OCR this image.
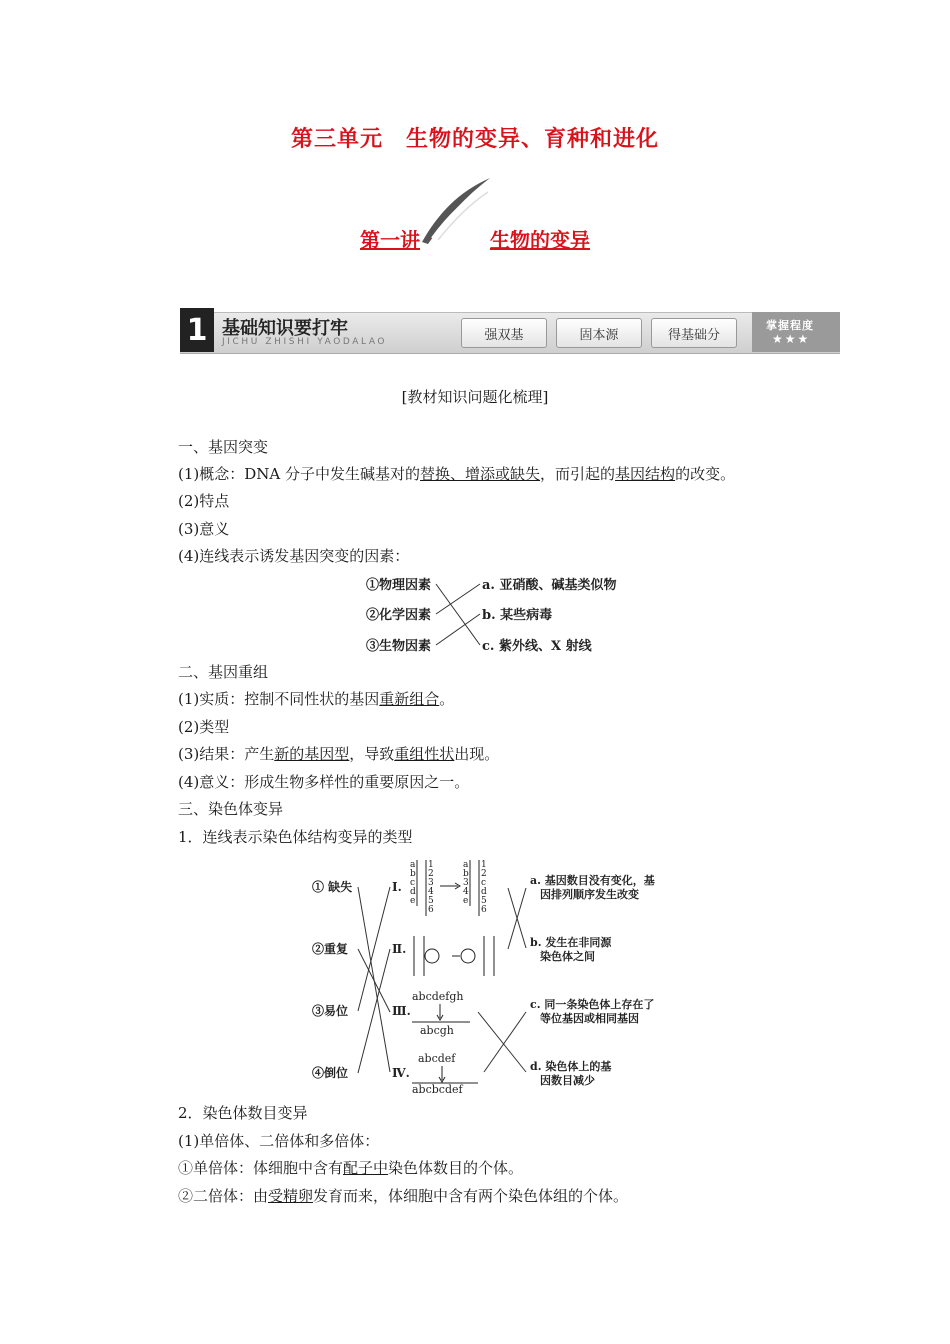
第三单元　生物的变异、育种和进化
第一讲	生物的变异
1 基础知识要打牢
JICHU ZHISHI YAODALAO	强双基	固本源	得基础分
掌握程度
★★★
[教材知识问题化梳理]
一、基因突变
(1)概念：DNA 分子中发生碱基对的替换、增添或缺失，而引起的基因结构的改变。
(2)特点
(3)意义
(4)连线表示诱发基因突变的因素：
①物理因素
②化学因素
③生物因素
a. 亚硝酸、碱基类似物
b. 某些病毒
c. 紫外线、X 射线
二、基因重组
(1)实质：控制不同性状的基因重新组合。
(2)类型
(3)结果：产生新的基因型，导致重组性状出现。
(4)意义：形成生物多样性的重要原因之一。
三、染色体变异
1．连线表示染色体结构变异的类型
① 缺失
②重复
③易位
④倒位
Ⅰ.
Ⅱ.
Ⅲ.
Ⅳ.
a
b
c
d
e
1
2
3
4
5
6
a
b
3
4
e
1
2
c
d
5
6
abcdefgh
abcgh
abcdef
abcbcdef
a. 基因数目没有变化，基
因排列顺序发生改变
b. 发生在非同源
染色体之间
c. 同一条染色体上存在了
等位基因或相同基因
d. 染色体上的基
因数目减少
2．染色体数目变异
(1)单倍体、二倍体和多倍体：
①单倍体：体细胞中含有配子中染色体数目的个体。
②二倍体：由受精卵发育而来，体细胞中含有两个染色体组的个体。
